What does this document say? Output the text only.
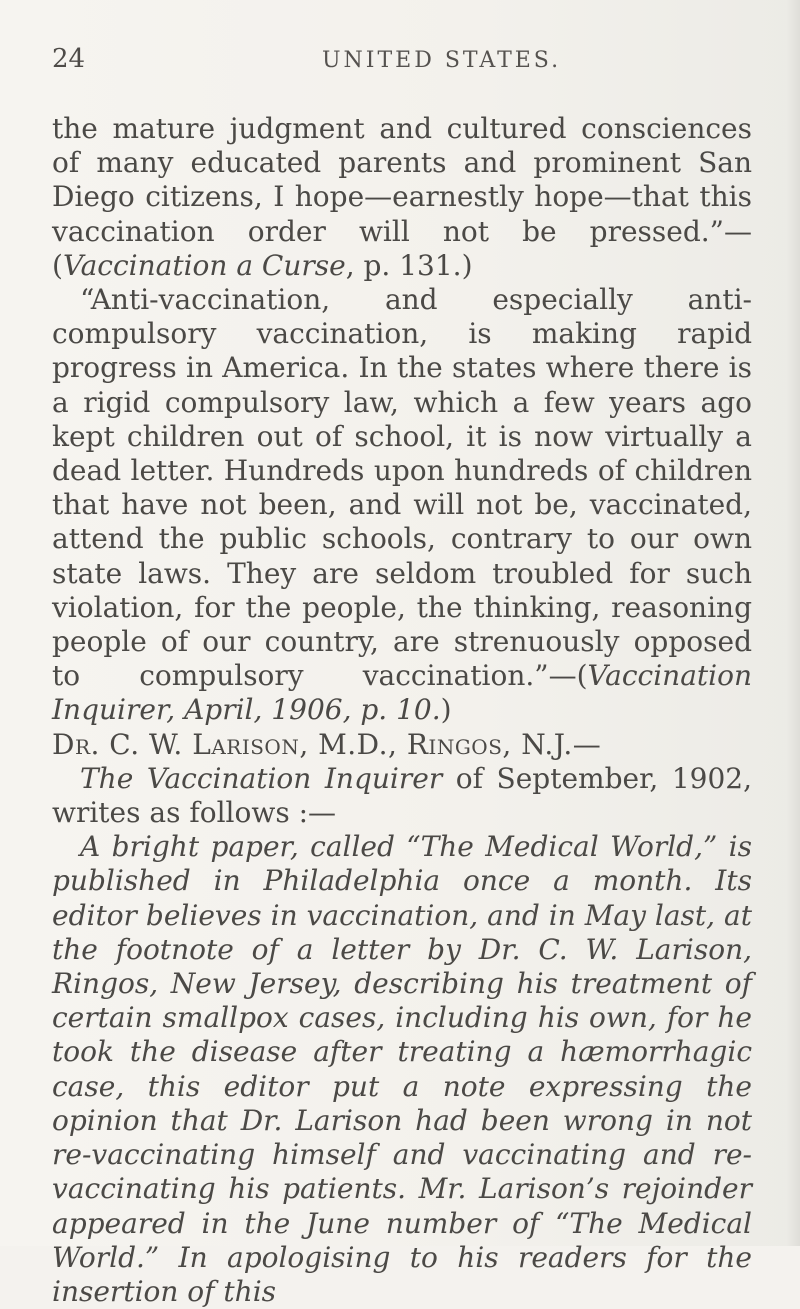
24	UNITED STATES.

the mature judgment and cultured consciences of many educated parents and prominent San Diego citizens, I hope—earnestly hope—that this vaccination order will not be pressed.”—(Vaccination a Curse, p. 131.)

“Anti-vaccination, and especially anti-compulsory vaccination, is making rapid progress in America. In the states where there is a rigid compulsory law, which a few years ago kept children out of school, it is now virtually a dead letter. Hundreds upon hundreds of children that have not been, and will not be, vaccinated, attend the public schools, contrary to our own state laws. They are seldom troubled for such violation, for the people, the thinking, reasoning people of our country, are strenuously opposed to compulsory vaccination.”—(Vaccination Inquirer, April, 1906, p. 10.)

Dr. C. W. Larison, M.D., Ringos, N.J.—

The Vaccination Inquirer of September, 1902, writes as follows :—

A bright paper, called “The Medical World,” is published in Philadelphia once a month. Its editor believes in vaccination, and in May last, at the footnote of a letter by Dr. C. W. Larison, Ringos, New Jersey, describing his treatment of certain smallpox cases, including his own, for he took the disease after treating a hæmorrhagic case, this editor put a note expressing the opinion that Dr. Larison had been wrong in not re-vaccinating himself and vaccinating and re-vaccinating his patients. Mr. Larison’s rejoinder appeared in the June number of “The Medical World.” In apologising to his readers for the insertion of this
